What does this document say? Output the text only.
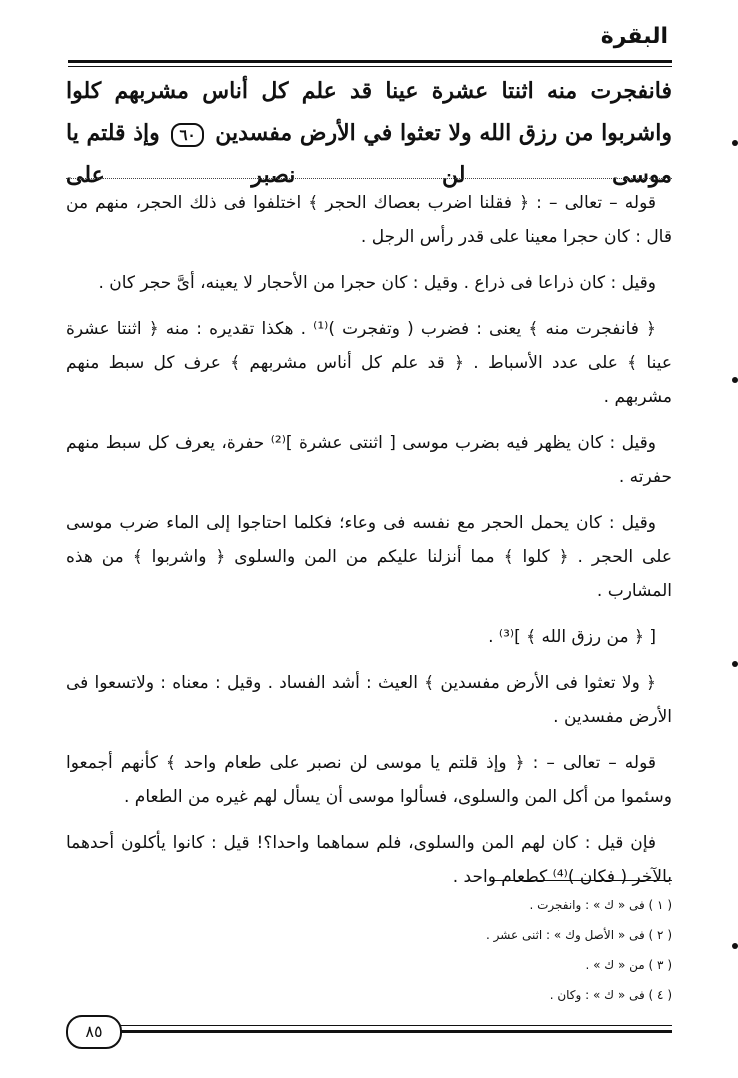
البقرة
فانفجرت منه اثنتا عشرة عينا قد علم كل أناس مشربهم كلوا واشربوا من رزق الله ولا تعثوا في الأرض مفسدين ٦٠ وإذ قلتم يا موسى لن نصبر على

قوله – تعالى – : ﴿ فقلنا اضرب بعصاك الحجر ﴾ اختلفوا فى ذلك الحجر، منهم من قال : كان حجرا معينا على قدر رأس الرجل .

وقيل : كان ذراعا فى ذراع . وقيل : كان حجرا من الأحجار لا يعينه، أىَّ حجر كان .

﴿ فانفجرت منه ﴾ يعنى : فضرب ( وتفجرت )⁽¹⁾ . هكذا تقديره : منه ﴿ اثنتا عشرة عينا ﴾ على عدد الأسباط . ﴿ قد علم كل أناس مشربهم ﴾ عرف كل سبط منهم مشربهم .

وقيل : كان يظهر فيه بضرب موسى [ اثنتى عشرة ]⁽²⁾ حفرة، يعرف كل سبط منهم حفرته .

وقيل : كان يحمل الحجر مع نفسه فى وعاء؛ فكلما احتاجوا إلى الماء ضرب موسى على الحجر . ﴿ كلوا ﴾ مما أنزلنا عليكم من المن والسلوى ﴿ واشربوا ﴾ من هذه المشارب .

[ ﴿ من رزق الله ﴾ ]⁽³⁾ .

﴿ ولا تعثوا فى الأرض مفسدين ﴾ العيث : أشد الفساد . وقيل : معناه : ولاتسعوا فى الأرض مفسدين .

قوله – تعالى – : ﴿ وإذ قلتم يا موسى لن نصبر على طعام واحد ﴾ كأنهم أجمعوا وسئموا من أكل المن والسلوى، فسألوا موسى أن يسأل لهم غيره من الطعام .

فإن قيل : كان لهم المن والسلوى، فلم سماهما واحدا؟! قيل : كانوا يأكلون أحدهما بالآخر ( فكان )⁽⁴⁾ كطعام واحد .

( ١ ) فى « ك » : وانفجرت .
( ٢ ) فى « الأصل وك » : اثنى عشر .
( ٣ ) من « ك » .
( ٤ ) فى « ك » : وكان .
٨٥
